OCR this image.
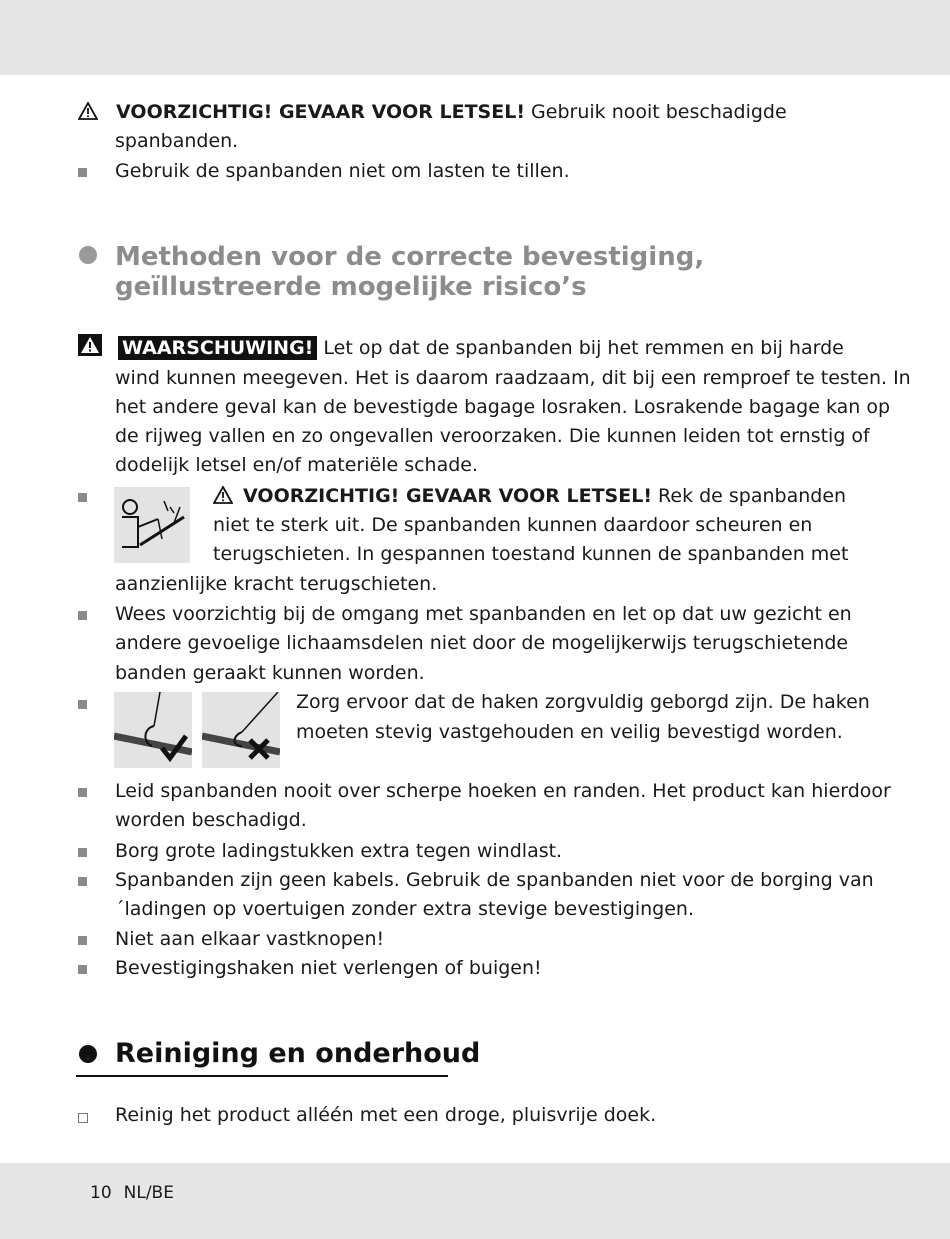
VOORZICHTIG! GEVAAR VOOR LETSEL! Gebruik nooit beschadigde
spanbanden.
Gebruik de spanbanden niet om lasten te tillen.
Methoden voor de correcte bevestiging,
geïllustreerde mogelijke risico’s
WAARSCHUWING! Let op dat de spanbanden bij het remmen en bij harde
wind kunnen meegeven. Het is daarom raadzaam, dit bij een remproef te testen. In
het andere geval kan de bevestigde bagage losraken. Losrakende bagage kan op
de rijweg vallen en zo ongevallen veroorzaken. Die kunnen leiden tot ernstig of
dodelijk letsel en/of materiële schade.
VOORZICHTIG! GEVAAR VOOR LETSEL! Rek de spanbanden
niet te sterk uit. De spanbanden kunnen daardoor scheuren en
terugschieten. In gespannen toestand kunnen de spanbanden met
aanzienlijke kracht terugschieten.
Wees voorzichtig bij de omgang met spanbanden en let op dat uw gezicht en
andere gevoelige lichaamsdelen niet door de mogelijkerwijs terugschietende
banden geraakt kunnen worden.
Zorg ervoor dat de haken zorgvuldig geborgd zijn. De haken
moeten stevig vastgehouden en veilig bevestigd worden.
Leid spanbanden nooit over scherpe hoeken en randen. Het product kan hierdoor
worden beschadigd.
Borg grote ladingstukken extra tegen windlast.
Spanbanden zijn geen kabels. Gebruik de spanbanden niet voor de borging van
´ladingen op voertuigen zonder extra stevige bevestigingen.
Niet aan elkaar vastknopen!
Bevestigingshaken niet verlengen of buigen!
Reiniging en onderhoud
Reinig het product alléén met een droge, pluisvrije doek.
10 NL/BE
